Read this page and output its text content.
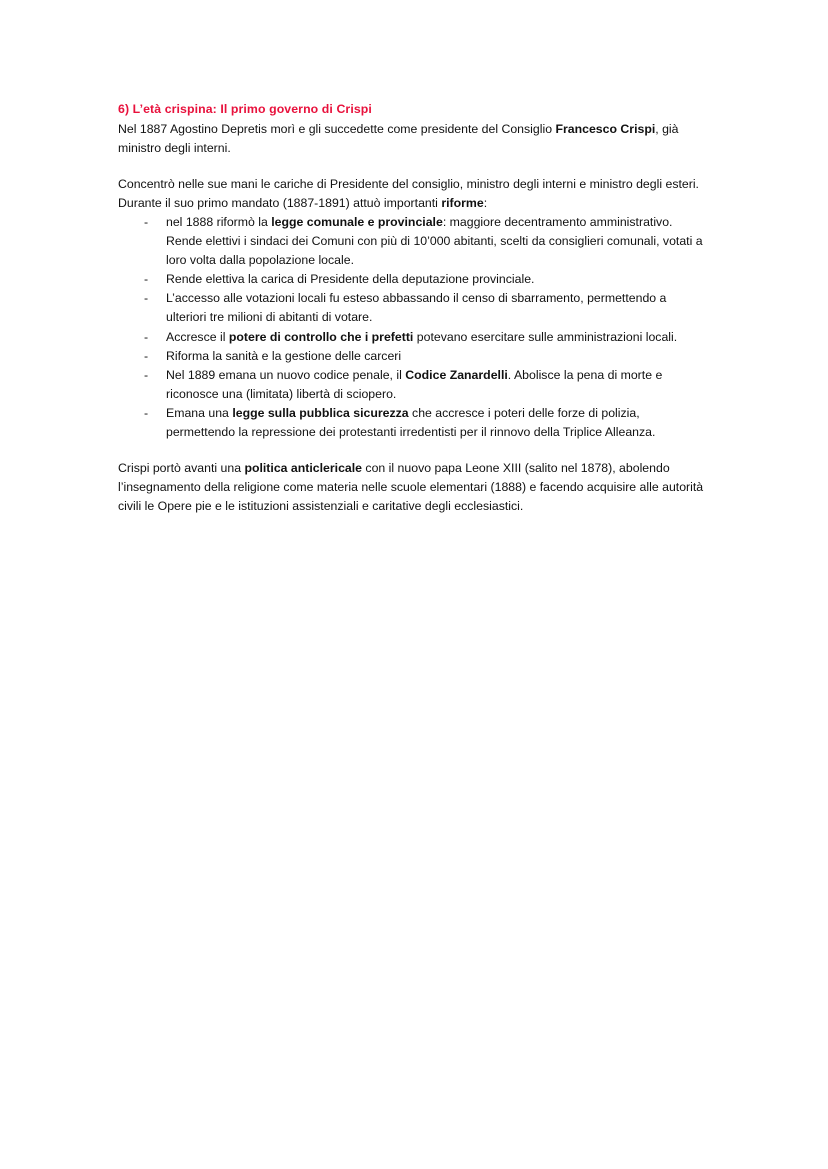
6) L’età crispina: Il primo governo di Crispi

Nel 1887 Agostino Depretis morì e gli succedette come presidente del Consiglio Francesco Crispi, già ministro degli interni.

Concentrò nelle sue mani le cariche di Presidente del consiglio, ministro degli interni e ministro degli esteri.

Durante il suo primo mandato (1887-1891) attuò importanti riforme:

- nel 1888 riformò la legge comunale e provinciale: maggiore decentramento amministrativo. Rende elettivi i sindaci dei Comuni con più di 10’000 abitanti, scelti da consiglieri comunali, votati a loro volta dalla popolazione locale.
- Rende elettiva la carica di Presidente della deputazione provinciale.
- L’accesso alle votazioni locali fu esteso abbassando il censo di sbarramento, permettendo a ulteriori tre milioni di abitanti di votare.
- Accresce il potere di controllo che i prefetti potevano esercitare sulle amministrazioni locali.
- Riforma la sanità e la gestione delle carceri
- Nel 1889 emana un nuovo codice penale, il Codice Zanardelli. Abolisce la pena di morte e riconosce una (limitata) libertà di sciopero.
- Emana una legge sulla pubblica sicurezza che accresce i poteri delle forze di polizia, permettendo la repressione dei protestanti irredentisti per il rinnovo della Triplice Alleanza.

Crispi portò avanti una politica anticlericale con il nuovo papa Leone XIII (salito nel 1878), abolendo l’insegnamento della religione come materia nelle scuole elementari (1888) e facendo acquisire alle autorità civili le Opere pie e le istituzioni assistenziali e caritative degli ecclesiastici.
